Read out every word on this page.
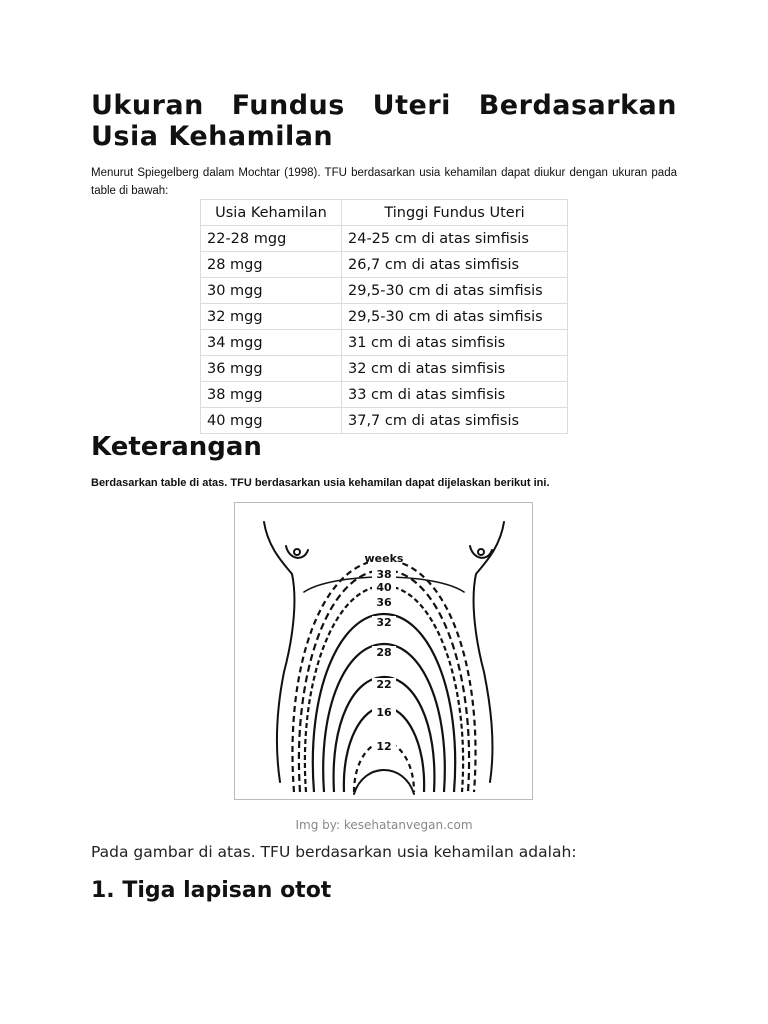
Ukuran Fundus Uteri Berdasarkan Usia Kehamilan

Menurut Spiegelberg dalam Mochtar (1998). TFU berdasarkan usia kehamilan dapat diukur dengan ukuran pada table di bawah:

Usia Kehamilan	Tinggi Fundus Uteri
22-28 mgg	24-25 cm di atas simfisis
28 mgg	26,7 cm di atas simfisis
30 mgg	29,5-30 cm di atas simfisis
32 mgg	29,5-30 cm di atas simfisis
34 mgg	31 cm di atas simfisis
36 mgg	32 cm di atas simfisis
38 mgg	33 cm di atas simfisis
40 mgg	37,7 cm di atas simfisis
Keterangan

Berdasarkan table di atas. TFU berdasarkan usia kehamilan dapat dijelaskan berikut ini.

weeks
38
40
36
32
28
22
16
12

Img by: kesehatanvegan.com

Pada gambar di atas. TFU berdasarkan usia kehamilan adalah:

1. Tiga lapisan otot
